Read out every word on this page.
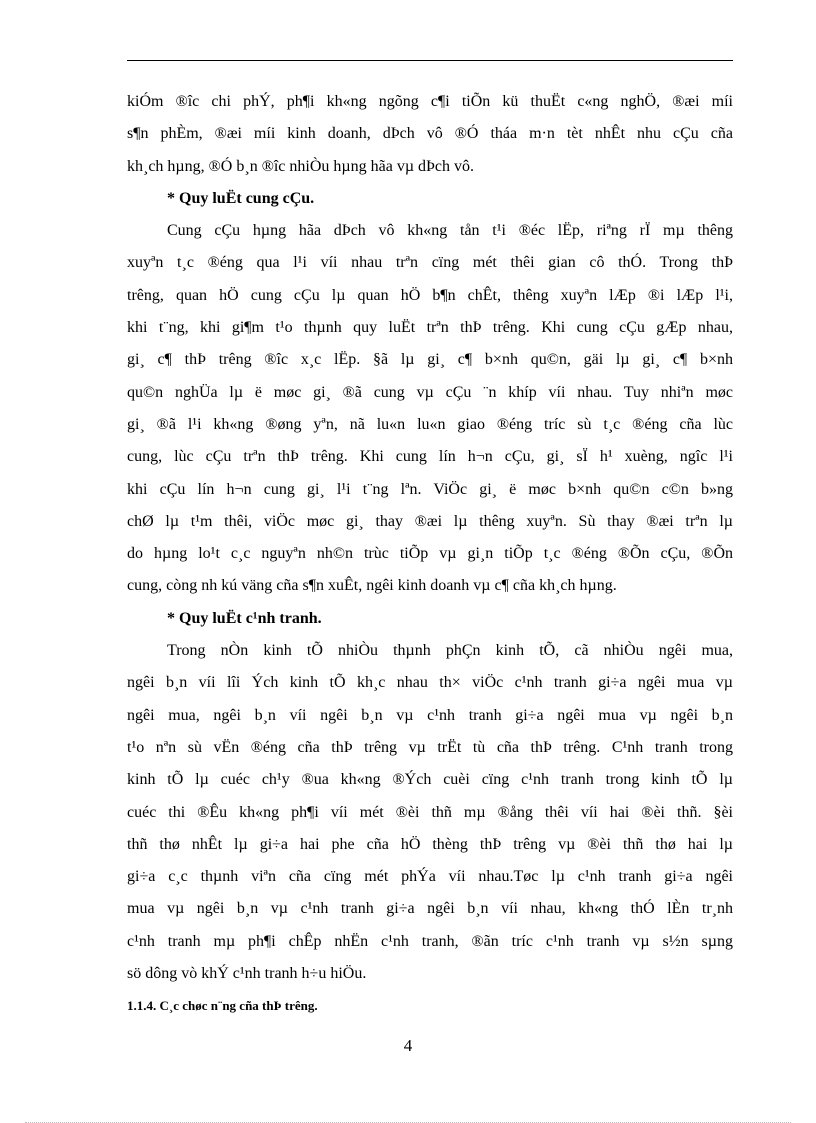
kiÓm ®îc chi phÝ, ph¶i kh«ng ngõng c¶i tiÕn kü thuËt c«ng nghÖ, ®æi míi
s¶n phÈm, ®æi míi kinh doanh, dÞch vô ®Ó tháa m·n tèt nhÊt nhu cÇu cña
kh¸ch hµng, ®Ó b¸n ®îc nhiÒu hµng hãa vµ dÞch vô.
* Quy luËt cung cÇu.
Cung cÇu hµng hãa dÞch vô kh«ng tån t¹i ®éc lËp, riªng rÏ mµ thêng
xuyªn t¸c ®éng qua l¹i víi nhau trªn cïng mét thêi gian cô thÓ. Trong thÞ
trêng, quan hÖ cung cÇu lµ quan hÖ b¶n chÊt, thêng xuyªn lÆp ®i lÆp l¹i,
khi t¨ng, khi gi¶m t¹o thµnh quy luËt trªn thÞ trêng. Khi cung cÇu gÆp nhau,
gi¸ c¶ thÞ trêng ®îc x¸c lËp. §ã lµ gi¸ c¶ b×nh qu©n, gäi lµ gi¸ c¶ b×nh
qu©n nghÜa lµ ë møc gi¸ ®ã cung vµ cÇu ¨n khíp víi nhau. Tuy nhiªn møc
gi¸ ®ã l¹i kh«ng ®øng yªn, nã lu«n lu«n giao ®éng tríc sù t¸c ®éng cña lùc
cung, lùc cÇu trªn thÞ trêng. Khi cung lín h¬n cÇu, gi¸ sÏ h¹ xuèng, ngîc l¹i
khi cÇu lín h¬n cung gi¸ l¹i t¨ng lªn. ViÖc gi¸ ë møc b×nh qu©n c©n b»ng
chØ lµ t¹m thêi, viÖc møc gi¸ thay ®æi lµ thêng xuyªn. Sù thay ®æi trªn lµ
do hµng lo¹t c¸c nguyªn nh©n trùc tiÕp vµ gi¸n tiÕp t¸c ®éng ®Õn cÇu, ®Õn
cung, còng nh kú väng cña s¶n xuÊt, ngêi kinh doanh vµ c¶ cña kh¸ch hµng.
* Quy luËt c¹nh tranh.
Trong nÒn kinh tÕ nhiÒu thµnh phÇn kinh tÕ, cã nhiÒu ngêi mua,
ngêi b¸n víi lîi Ých kinh tÕ kh¸c nhau th× viÖc c¹nh tranh gi÷a ngêi mua vµ
ngêi mua, ngêi b¸n víi ngêi b¸n vµ c¹nh tranh gi÷a ngêi mua vµ ngêi b¸n
t¹o nªn sù vËn ®éng cña thÞ trêng vµ trËt tù cña thÞ trêng. C¹nh tranh trong
kinh tÕ lµ cuéc ch¹y ®ua kh«ng ®Ých cuèi cïng c¹nh tranh trong kinh tÕ lµ
cuéc thi ®Êu kh«ng ph¶i víi mét ®èi thñ mµ ®ång thêi víi hai ®èi thñ. §èi
thñ thø nhÊt lµ gi÷a hai phe cña hÖ thèng thÞ trêng vµ ®èi thñ thø hai lµ
gi÷a c¸c thµnh viªn cña cïng mét phÝa víi nhau.Tøc lµ c¹nh tranh gi÷a ngêi
mua vµ ngêi b¸n vµ c¹nh tranh gi÷a ngêi b¸n víi nhau, kh«ng thÓ lÈn tr¸nh
c¹nh tranh mµ ph¶i chÊp nhËn c¹nh tranh, ®ãn tríc c¹nh tranh vµ s½n sµng
sö dông vò khÝ c¹nh tranh h÷u hiÖu.
1.1.4. C¸c chøc n¨ng cña thÞ trêng.
4
